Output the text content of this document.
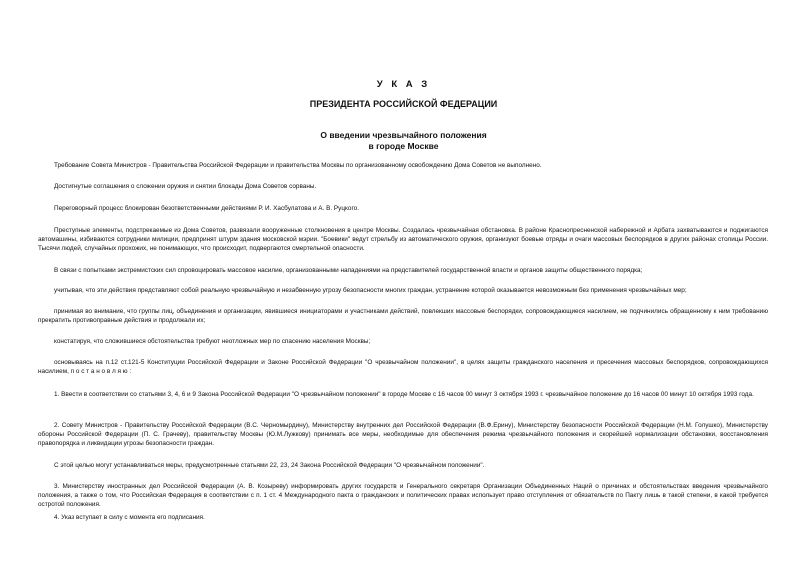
У К А З
ПРЕЗИДЕНТА РОССИЙСКОЙ ФЕДЕРАЦИИ
О введении чрезвычайного положения
в городе Москве

Требование Совета Министров - Правительства Российской Федерации и правительства Москвы по организованному освобождению Дома Советов не выполнено.

Достигнутые соглашения о сложении оружия и снятии блокады Дома Советов сорваны.

Переговорный процесс блокирован безответственными действиями Р. И. Хасбулатова и А. В. Руцкого.

Преступные элементы, подстрекаемые из Дома Советов, развязали вооруженные столкновения в центре Москвы. Создалась чрезвычайная обстановка. В районе Краснопресненской набережной и Арбата захватываются и поджигаются автомашины, избиваются сотрудники милиции, предпринят штурм здания московской мэрии. "Боевики" ведут стрельбу из автоматического оружия, организуют боевые отряды и очаги массовых беспорядков в других районах столицы России. Тысячи людей, случайных прохожих, не понимающих, что происходит, подвергаются смертельной опасности.

В связи с попытками экстремистских сил спровоцировать массовое насилие, организованными нападениями на представителей государственной власти и органов защиты общественного порядка;

учитывая, что эти действия представляют собой реальную чрезвычайную и незабвенную угрозу безопасности многих граждан, устранение которой оказывается невозможным без применения чрезвычайных мер;

принимая во внимание, что группы лиц, объединения и организации, явившиеся инициаторами и участниками действий, повлекших массовые беспорядки, сопровождающиеся насилием, не подчинились обращенному к ним требованию прекратить противоправные действия и продолжали их;

констатируя, что сложившиеся обстоятельства требуют неотложных мер по спасению населения Москвы;

основываясь на п.12 ст.121-5 Конституции Российской Федерации и Законе Российской Федерации "О чрезвычайном положении", в целях защиты гражданского населения и пресечения массовых беспорядков, сопровождающихся насилием, п о с т а н о в л я ю :

1. Ввести в соответствии со статьями 3, 4, 6 и 9 Закона Российской Федерации "О чрезвычайном положении" в городе Москве с 16 часов 00 минут 3 октября 1993 г. чрезвычайное положение до 16 часов 00 минут 10 октября 1993 года.

2. Совету Министров - Правительству Российской Федерации (В.С. Черномырдину), Министерству внутренних дел Российской Федерации (В.Ф.Ерину), Министерству безопасности Российской Федерации (Н.М. Голушко), Министерству обороны Российской Федерации (П. С. Грачеву), правительству Москвы (Ю.М.Лужкову) принимать все меры, необходимые для обеспечения режима чрезвычайного положения и скорейшей нормализации обстановки, восстановления правопорядка и ликвидации угрозы безопасности граждан.

С этой целью могут устанавливаться меры, предусмотренные статьями 22, 23, 24 Закона Российской Федерации "О чрезвычайном положении".

3. Министерству иностранных дел Российской Федерации (А. В. Козыреву) информировать других государств и Генерального секретаря Организации Объединенных Наций о причинах и обстоятельствах введения чрезвычайного положения, а также о том, что Российская Федерация в соответствии с п. 1 ст. 4 Международного пакта о гражданских и политических правах использует право отступления от обязательств по Пакту лишь в такой степени, в какой требуется остротой положения.

4. Указ вступает в силу с момента его подписания.
